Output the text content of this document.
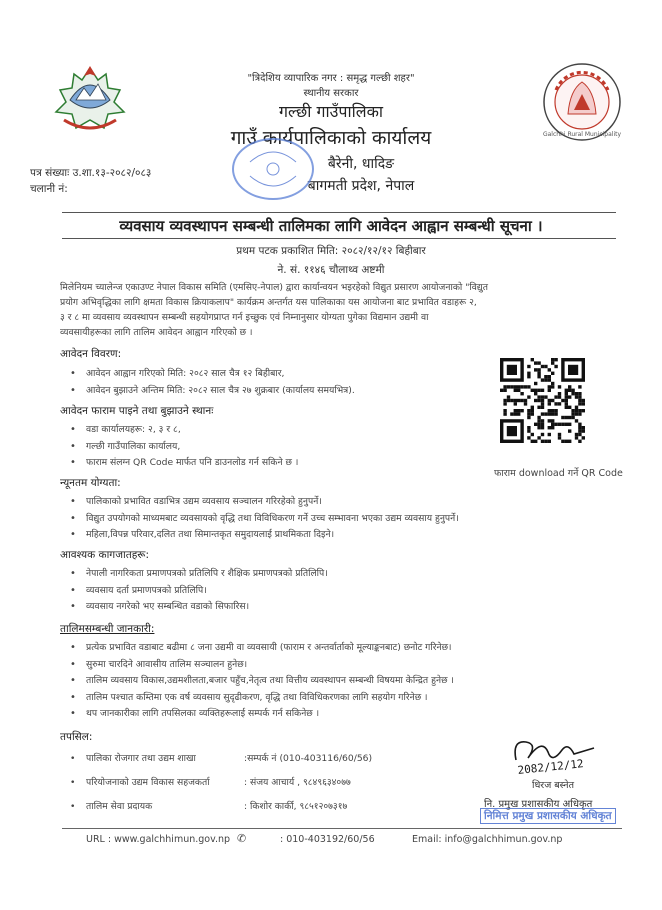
Galchhi Rural Municipality
"त्रिदेशिय व्यापारिक नगर : समृद्ध गल्छी शहर"
स्थानीय सरकार
गल्छी गाउँपालिका
गाउँ कार्यपालिकाको कार्यालय
बैरेनी, धादिङ
बागमती प्रदेश, नेपाल
पत्र संख्याः उ.शा.१३-२०८२/०८३
चलानी नं:
व्यवसाय व्यवस्थापन सम्बन्धी तालिमका लागि आवेदन आह्वान सम्बन्धी सूचना ।
प्रथम पटक प्रकाशित मिति: २०८२/१२/१२ बिहीबार
ने. सं. ११४६ चौलाथ्व अष्टमी
मिलेनियम च्यालेन्ज एकाउण्ट नेपाल विकास समिति (एमसिए-नेपाल) द्वारा कार्यान्वयन भइरहेको विद्युत प्रसारण आयोजनाको "विद्युत
प्रयोग अभिवृद्धिका लागि क्षमता विकास क्रियाकलाप" कार्यक्रम अन्तर्गत यस पालिकाका यस आयोजना बाट प्रभावित वडाहरू २,
३ र ८ मा व्यवसाय व्यवस्थापन सम्बन्धी सहयोगप्राप्त गर्न इच्छुक एवं निम्नानुसार योग्यता पुगेका विद्यमान उद्यमी वा
व्यवसायीहरूका लागि तालिम आवेदन आह्वान गरिएको छ ।
आवेदन विवरण:
• आवेदन आह्वान गरिएको मिति: २०८२ साल चैत्र १२ बिहीबार,
• आवेदन बुझाउने अन्तिम मिति: २०८२ साल चैत्र २७ शुक्रबार (कार्यालय समयभित्र).
आवेदन फाराम पाइने तथा बुझाउने स्थानः
• वडा कार्यालयहरू: २, ३ र ८,
• गल्छी गाउँपालिका कार्यालय,
• फाराम संलग्न QR Code मार्फत पनि डाउनलोड गर्न सकिने छ ।
फाराम download गर्ने QR Code
न्यूनतम योग्यता:
• पालिकाको प्रभावित वडाभित्र उद्यम व्यवसाय सञ्चालन गरिरहेको हुनुपर्ने।
• विद्युत उपयोगको माध्यमबाट व्यवसायको वृद्धि तथा विविधिकरण गर्ने उच्च सम्भावना भएका उद्यम व्यवसाय हुनुपर्ने।
• महिला,विपन्न परिवार,दलित तथा सिमान्तकृत समुदायलाई प्राथमिकता दिइने।
आवश्यक कागजातहरू:
• नेपाली नागरिकता प्रमाणपत्रको प्रतिलिपि र शैक्षिक प्रमाणपत्रको प्रतिलिपि।
• व्यवसाय दर्ता प्रमाणपत्रको प्रतिलिपि।
• व्यवसाय नगरेको भए सम्बन्धित वडाको सिफारिस।
तालिमसम्बन्धी जानकारी:
• प्रत्येक प्रभावित वडाबाट बढीमा ८ जना उद्यमी वा व्यवसायी (फाराम र अन्तर्वार्ताको मूल्याङ्कनबाट) छनोट गरिनेछ।
• सुरुमा चारदिने आवासीय तालिम सञ्चालन हुनेछ।
• तालिम व्यवसाय विकास,उद्यमशीलता,बजार पहुँच,नेतृत्व तथा वित्तीय व्यवस्थापन सम्बन्धी विषयमा केन्द्रित हुनेछ ।
• तालिम पश्चात कम्तिमा एक वर्ष व्यवसाय सुदृढीकरण, वृद्धि तथा विविधिकरणका लागि सहयोग गरिनेछ ।
• थप जानकारीका लागि तपसिलका व्यक्तिहरूलाई सम्पर्क गर्न सकिनेछ ।
तपसिल:
• पालिका रोजगार तथा उद्यम शाखा	:सम्पर्क नं (010-403116/60/56)
• परियोजनाको उद्यम विकास सहजकर्ता	: संजय आचार्य , ९८४९६३४०७७
• तालिम सेवा प्रदायक	: किशोर कार्की, ९८५१२०७३१७
2082/12/12
धिरज बस्नेत
नि. प्रमुख प्रशासकीय अधिकृत
निमित्त प्रमुख प्रशासकीय अधिकृत
URL : www.galchhimun.gov.np ✆	: 010-403192/60/56	Email: info@galchhimun.gov.np
